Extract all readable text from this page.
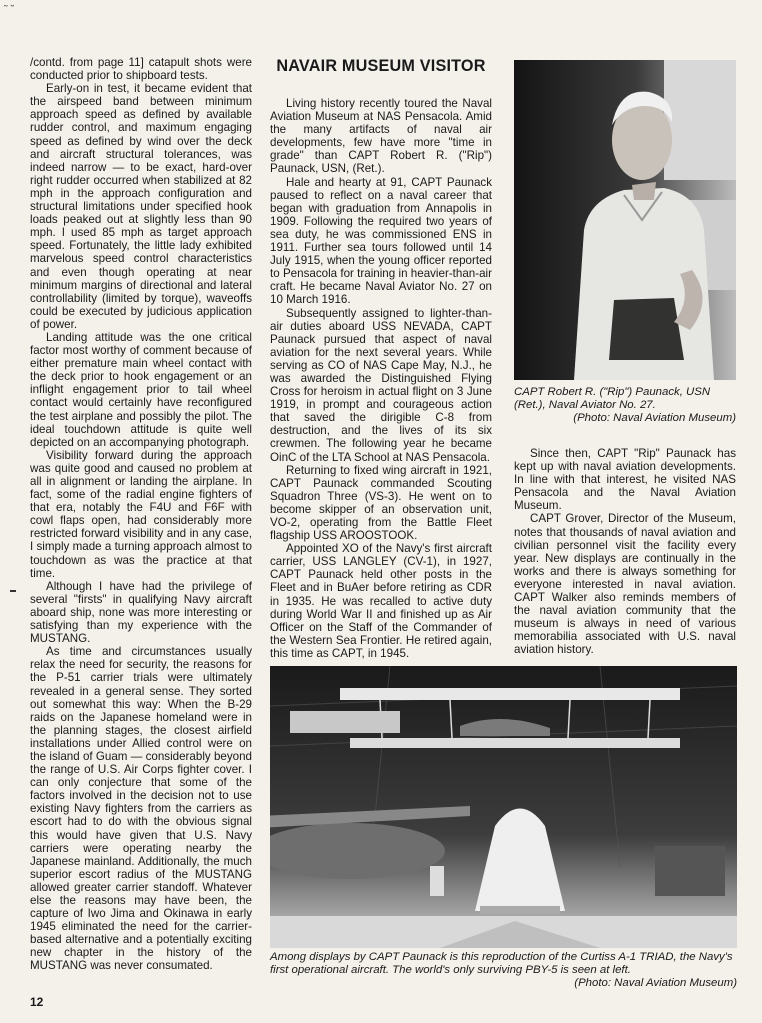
˜ ˘

/contd. from page 11] catapult shots were conducted prior to shipboard tests.

Early-on in test, it became evident that the airspeed band between minimum approach speed as defined by available rudder control, and maximum engaging speed as defined by wind over the deck and aircraft structural tolerances, was indeed narrow — to be exact, hard-over right rudder occurred when stabilized at 82 mph in the approach configuration and structural limitations under specified hook loads peaked out at slightly less than 90 mph. I used 85 mph as target approach speed. Fortunately, the little lady exhibited marvelous speed control characteristics and even though operating at near minimum margins of directional and lateral controllability (limited by torque), waveoffs could be executed by judicious application of power.

Landing attitude was the one critical factor most worthy of comment because of either premature main wheel contact with the deck prior to hook engagement or an inflight engagement prior to tail wheel contact would certainly have reconfigured the test airplane and possibly the pilot. The ideal touchdown attitude is quite well depicted on an accompanying photograph.

Visibility forward during the approach was quite good and caused no problem at all in alignment or landing the airplane. In fact, some of the radial engine fighters of that era, notably the F4U and F6F with cowl flaps open, had considerably more restricted forward visibility and in any case, I simply made a turning approach almost to touchdown as was the practice at that time.

Although I have had the privilege of several "firsts" in qualifying Navy aircraft aboard ship, none was more interesting or satisfying than my experience with the MUSTANG.

As time and circumstances usually relax the need for security, the reasons for the P-51 carrier trials were ultimately revealed in a general sense. They sorted out somewhat this way: When the B-29 raids on the Japanese homeland were in the planning stages, the closest airfield installations under Allied control were on the island of Guam — considerably beyond the range of U.S. Air Corps fighter cover. I can only conjecture that some of the factors involved in the decision not to use existing Navy fighters from the carriers as escort had to do with the obvious signal this would have given that U.S. Navy carriers were operating nearby the Japanese mainland. Additionally, the much superior escort radius of the MUSTANG allowed greater carrier standoff. Whatever else the reasons may have been, the capture of Iwo Jima and Okinawa in early 1945 eliminated the need for the carrier-based alternative and a potentially exciting new chapter in the history of the MUSTANG was never consumated.

NAVAIR MUSEUM VISITOR

Living history recently toured the Naval Aviation Museum at NAS Pensacola. Amid the many artifacts of naval air developments, few have more "time in grade" than CAPT Robert R. ("Rip") Paunack, USN, (Ret.).

Hale and hearty at 91, CAPT Paunack paused to reflect on a naval career that began with graduation from Annapolis in 1909. Following the required two years of sea duty, he was commissioned ENS in 1911. Further sea tours followed until 14 July 1915, when the young officer reported to Pensacola for training in heavier-than-air craft. He became Naval Aviator No. 27 on 10 March 1916.

Subsequently assigned to lighter-than-air duties aboard USS NEVADA, CAPT Paunack pursued that aspect of naval aviation for the next several years. While serving as CO of NAS Cape May, N.J., he was awarded the Distinguished Flying Cross for heroism in actual flight on 3 June 1919, in prompt and courageous action that saved the dirigible C-8 from destruction, and the lives of its six crewmen. The following year he became OinC of the LTA School at NAS Pensacola.

Returning to fixed wing aircraft in 1921, CAPT Paunack commanded Scouting Squadron Three (VS-3). He went on to become skipper of an observation unit, VO-2, operating from the Battle Fleet flagship USS AROOSTOOK.

Appointed XO of the Navy's first aircraft carrier, USS LANGLEY (CV-1), in 1927, CAPT Paunack held other posts in the Fleet and in BuAer before retiring as CDR in 1935. He was recalled to active duty during World War II and finished up as Air Officer on the Staff of the Commander of the Western Sea Frontier. He retired again, this time as CAPT, in 1945.

CAPT Robert R. ("Rip") Paunack, USN (Ret.), Naval Aviator No. 27.
(Photo: Naval Aviation Museum)

Since then, CAPT "Rip" Paunack has kept up with naval aviation developments. In line with that interest, he visited NAS Pensacola and the Naval Aviation Museum.

CAPT Grover, Director of the Museum, notes that thousands of naval aviation and civilian personnel visit the facility every year. New displays are continually in the works and there is always something for everyone interested in naval aviation. CAPT Walker also reminds members of the naval aviation community that the museum is always in need of various memorabilia associated with U.S. naval aviation history.

Among displays by CAPT Paunack is this reproduction of the Curtiss A-1 TRIAD, the Navy's first operational aircraft. The world's only surviving PBY-5 is seen at left.
(Photo: Naval Aviation Museum)
12
